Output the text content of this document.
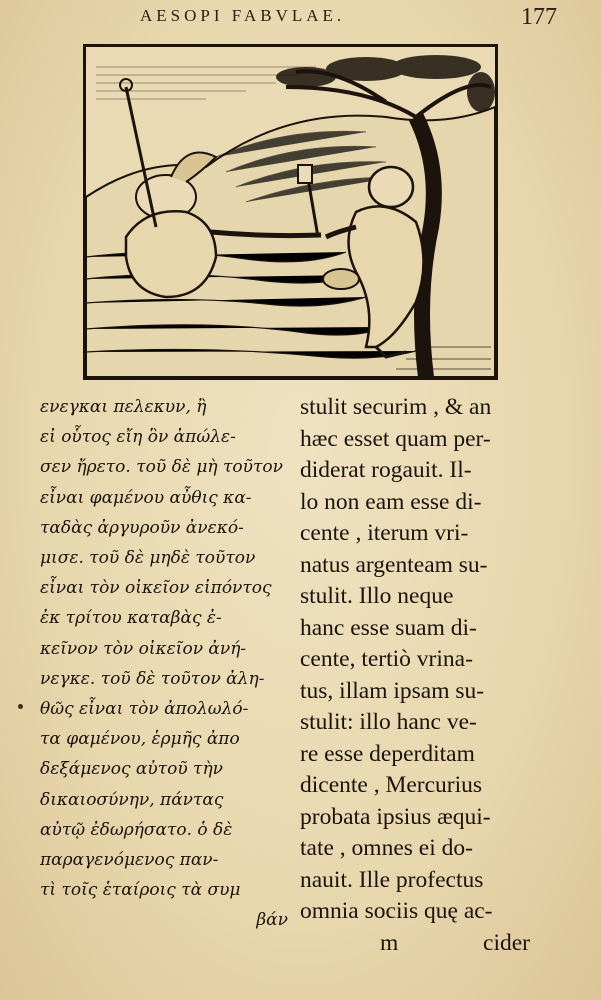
AESOPI FABVLAE.	177
ενεγκαι πελεκυν, ἢ
εἰ οὗτος εἴη ὃν ἀπώλε-
σεν ἤρετο. τοῦ δὲ μὴ τοῦτον
εἶναι φαμένου αὖθις κα-
ταδὰς ἀργυροῦν ἀνεκό-
μισε. τοῦ δὲ μηδὲ τοῦτον
εἶναι τὸν οἰκεῖον εἰπόντος
ἐκ τρίτου καταβὰς ἐ-
κεῖνον τὸν οἰκεῖον ἀνή-
νεγκε. τοῦ δὲ τοῦτον ἀλη-
θῶς εἶναι τὸν ἀπολωλό-
τα φαμένου, ἑρμῆς ἀπο
δεξάμενος αὐτοῦ τὴν
δικαιοσύνην, πάντας
αὐτῷ ἐδωρήσατο. ὁ δὲ
παραγενόμενος παν-
τὶ τοῖς ἑταίροις τὰ συμ
βάν
stulit securim , & an
hæc esset quam per-
diderat rogauit. Il-
lo non eam esse di-
cente , iterum vri-
natus argenteam su-
stulit. Illo neque
hanc esse suam di-
cente, tertiò vrina-
tus, illam ipsam su-
stulit: illo hanc ve-
re esse deperditam
dicente , Mercurius
probata ipsius æqui-
tate , omnes ei do-
nauit. Ille profectus
omnia sociis quę ac-
m	cider
